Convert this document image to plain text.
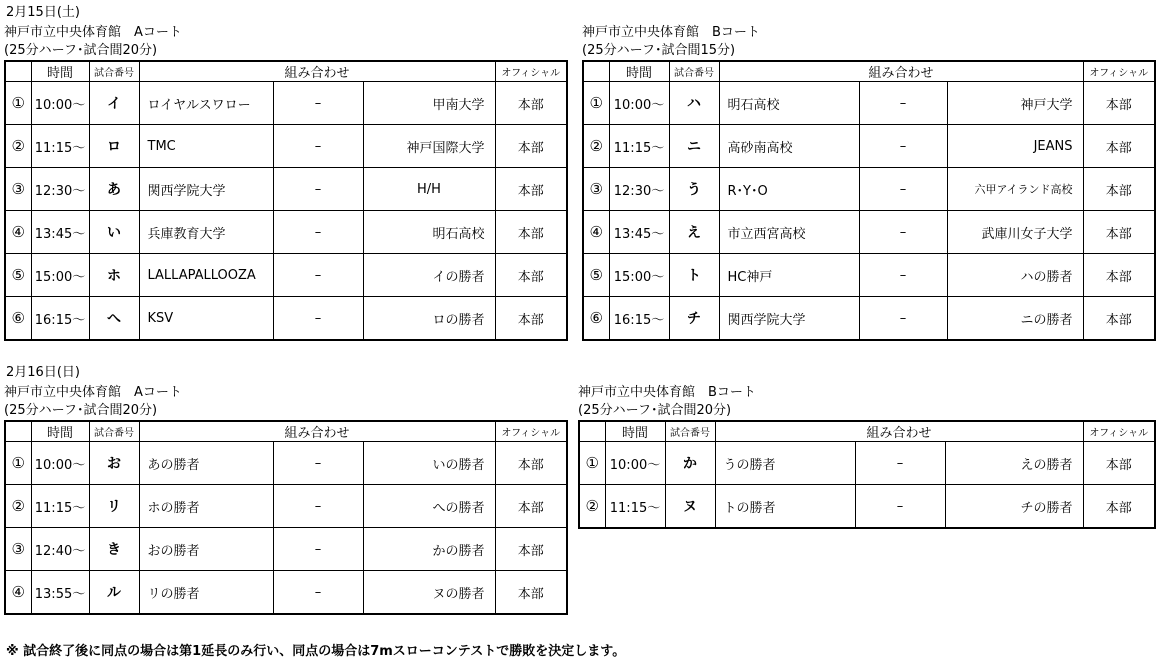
2月15日(土)
神戸市立中央体育館　Aコート
(25分ハーフ･試合間20分)
	時間	試合番号	組み合わせ			オフィシャル
①	10:00～	イ	ロイヤルスワロー	–	甲南大学	本部
②	11:15～	ロ	TMC	–	神戸国際大学	本部
③	12:30～	あ	関西学院大学	–	H/H	本部
④	13:45～	い	兵庫教育大学	–	明石高校	本部
⑤	15:00～	ホ	LALLAPALLOOZA	–	イの勝者	本部
⑥	16:15～	へ	KSV	–	ロの勝者	本部
神戸市立中央体育館　Bコート
(25分ハーフ･試合間15分)
	時間	試合番号	組み合わせ			オフィシャル
①	10:00～	ハ	明石高校	–	神戸大学	本部
②	11:15～	ニ	高砂南高校	–	JEANS	本部
③	12:30～	う	R･Y･O	–	六甲アイランド高校	本部
④	13:45～	え	市立西宮高校	–	武庫川女子大学	本部
⑤	15:00～	ト	HC神戸	–	ハの勝者	本部
⑥	16:15～	チ	関西学院大学	–	ニの勝者	本部
2月16日(日)
神戸市立中央体育館　Aコート
(25分ハーフ･試合間20分)
	時間	試合番号	組み合わせ			オフィシャル
①	10:00～	お	あの勝者	–	いの勝者	本部
②	11:15～	リ	ホの勝者	–	への勝者	本部
③	12:40～	き	おの勝者	–	かの勝者	本部
④	13:55～	ル	リの勝者	–	ヌの勝者	本部
神戸市立中央体育館　Bコート
(25分ハーフ･試合間20分)
	時間	試合番号	組み合わせ			オフィシャル
①	10:00～	か	うの勝者	–	えの勝者	本部
②	11:15～	ヌ	トの勝者	–	チの勝者	本部
※ 試合終了後に同点の場合は第1延長のみ行い、同点の場合は7mスローコンテストで勝敗を決定します。
